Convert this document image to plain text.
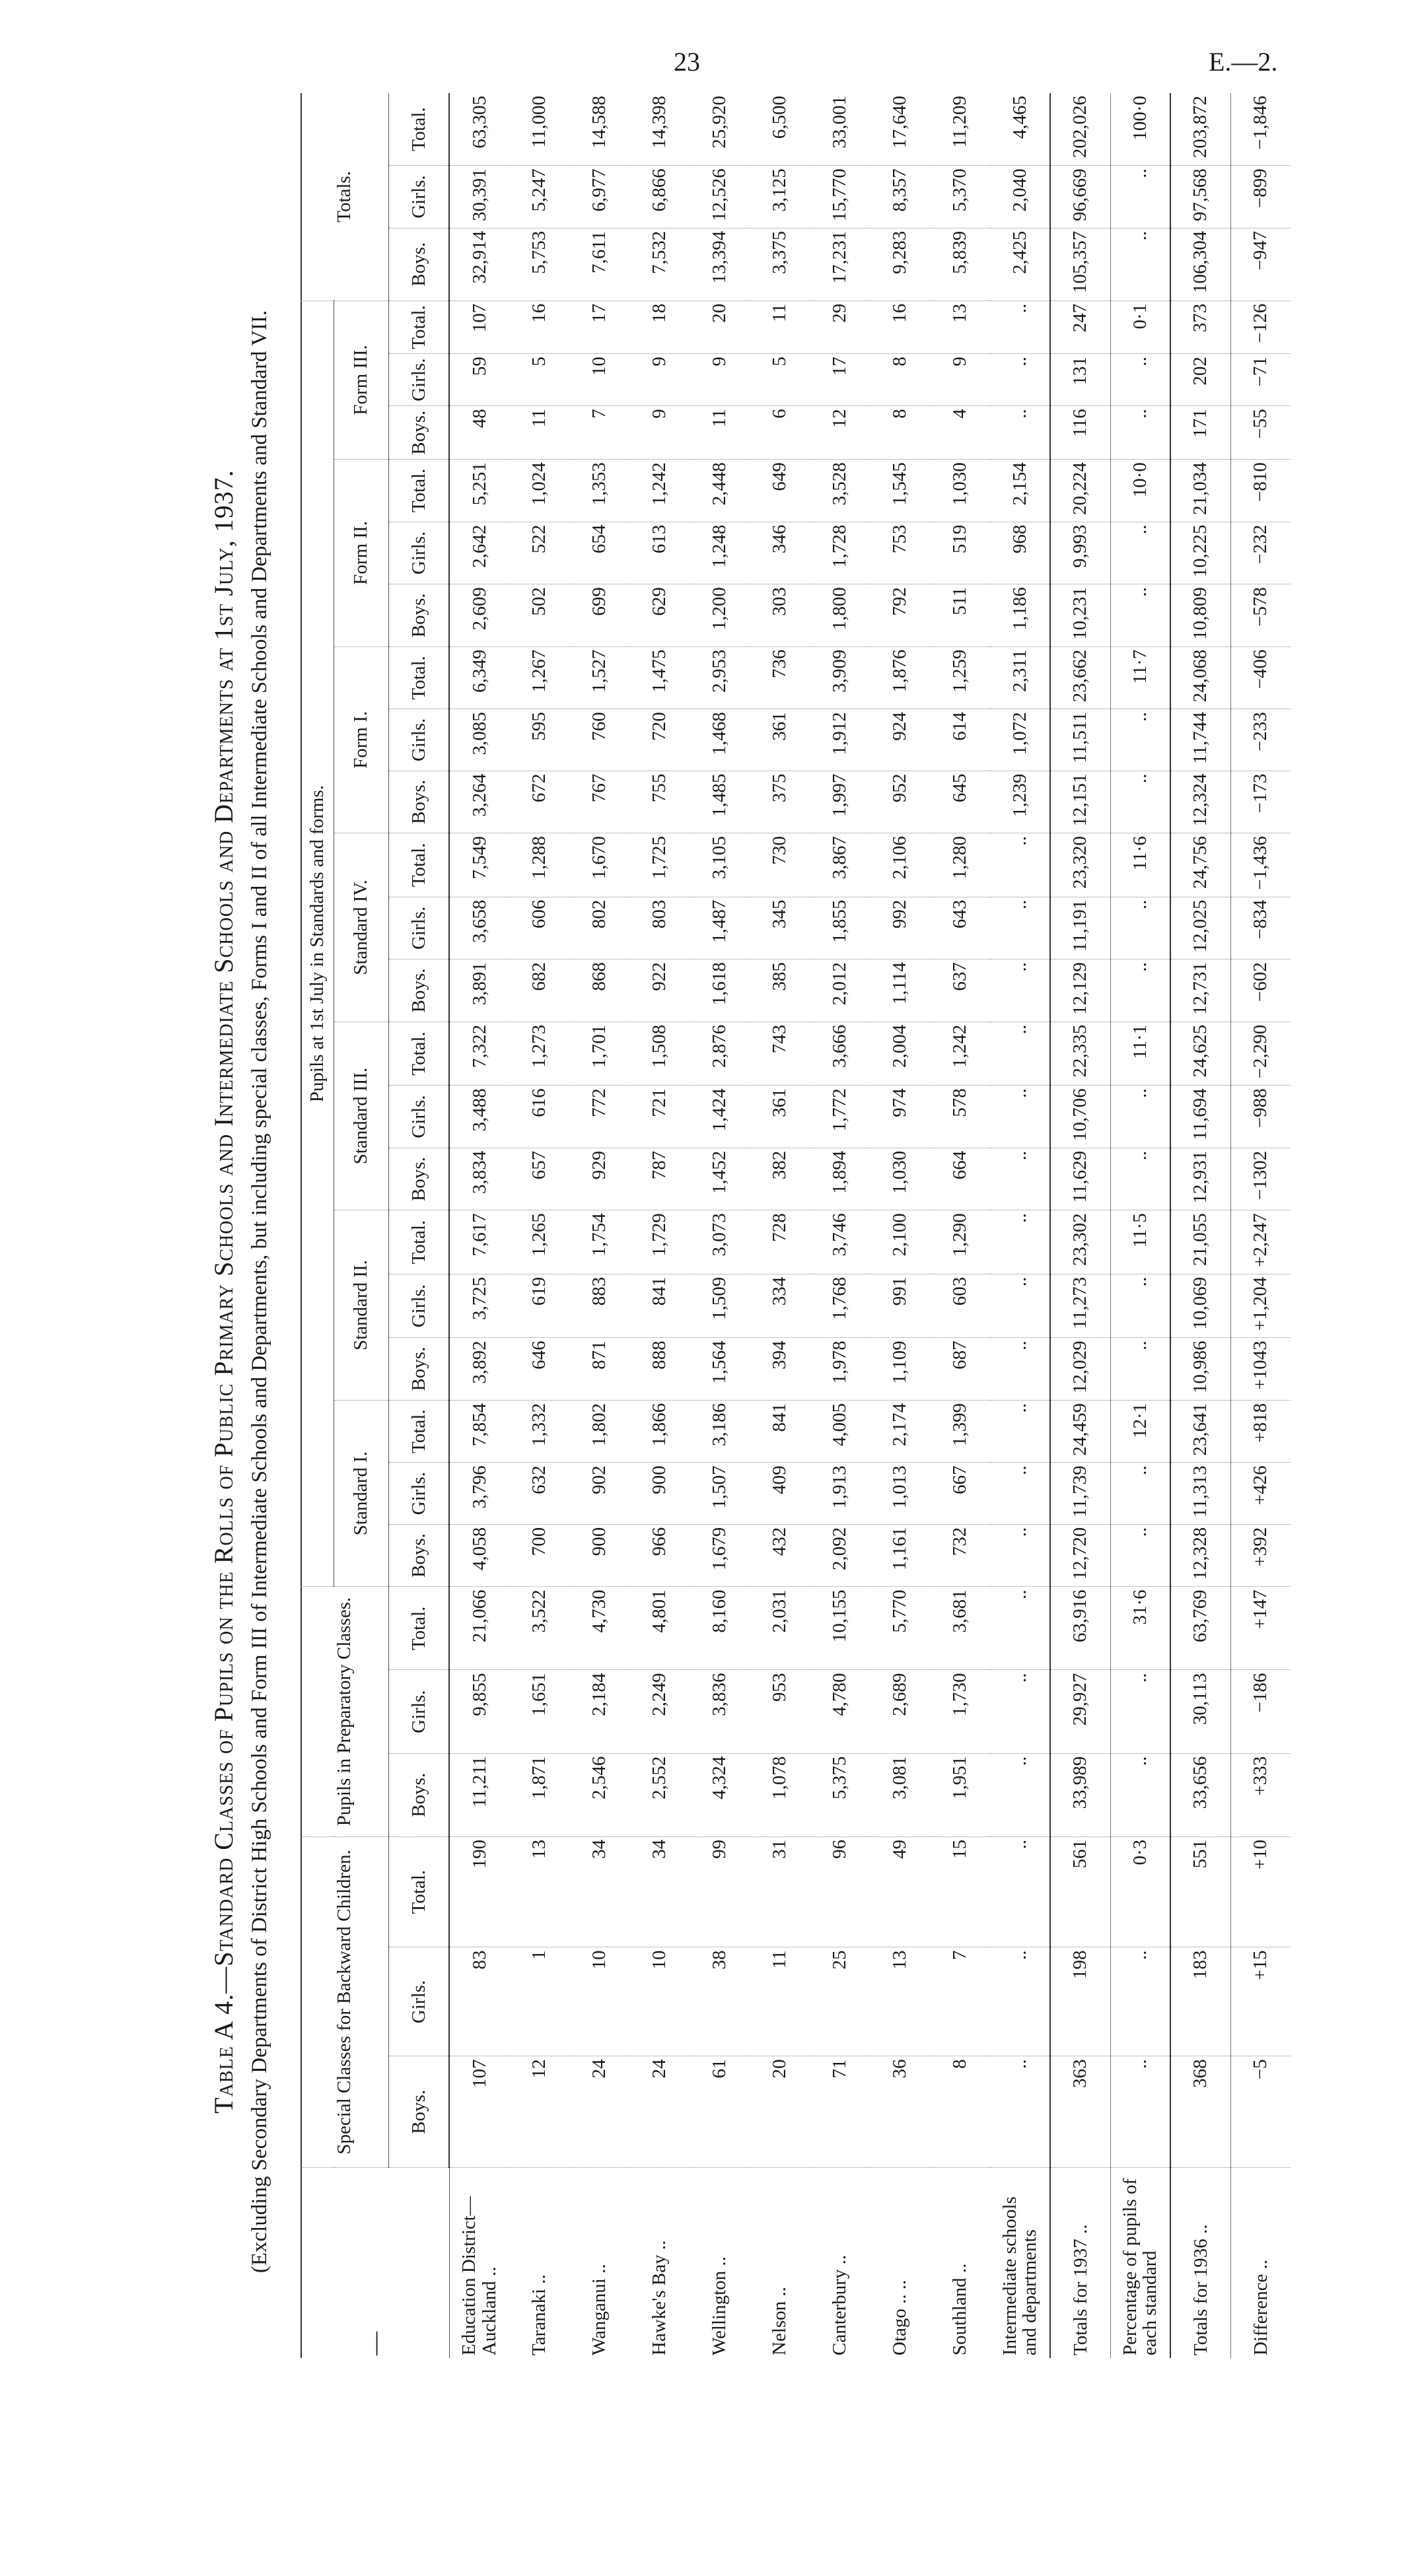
23	E.—2.
Table A 4.—Standard Classes of Pupils on the Rolls of Public Primary Schools and Intermediate Schools and Departments at 1st July, 1937. (Excluding Secondary Departments of District High Schools and Form III of Intermediate Schools and Departments, but including special classes, Forms I and II of all Intermediate Schools and Departments and Standard VII.
—	Special Classes for Backward Children.			Pupils in Preparatory Classes.			Pupils at 1st July in Standards and forms.																					Totals.		
							Standard I.			Standard II.			Standard III.			Standard IV.			Form I.			Form II.			Form III.					
	Boys.	Girls.	Total.	Boys.	Girls.	Total.	Boys.	Girls.	Total.	Boys.	Girls.	Total.	Boys.	Girls.	Total.	Boys.	Girls.	Total.	Boys.	Girls.	Total.	Boys.	Girls.	Total.	Boys.	Girls.	Total.	Boys.	Girls.	Total.
Education District— Auckland ..	107	83	190	11,211	9,855	21,066	4,058	3,796	7,854	3,892	3,725	7,617	3,834	3,488	7,322	3,891	3,658	7,549	3,264	3,085	6,349	2,609	2,642	5,251	48	59	107	32,914	30,391	63,305
Taranaki ..	12	1	13	1,871	1,651	3,522	700	632	1,332	646	619	1,265	657	616	1,273	682	606	1,288	672	595	1,267	502	522	1,024	11	5	16	5,753	5,247	11,000
Wanganui ..	24	10	34	2,546	2,184	4,730	900	902	1,802	871	883	1,754	929	772	1,701	868	802	1,670	767	760	1,527	699	654	1,353	7	10	17	7,611	6,977	14,588
Hawke's Bay ..	24	10	34	2,552	2,249	4,801	966	900	1,866	888	841	1,729	787	721	1,508	922	803	1,725	755	720	1,475	629	613	1,242	9	9	18	7,532	6,866	14,398
Wellington ..	61	38	99	4,324	3,836	8,160	1,679	1,507	3,186	1,564	1,509	3,073	1,452	1,424	2,876	1,618	1,487	3,105	1,485	1,468	2,953	1,200	1,248	2,448	11	9	20	13,394	12,526	25,920
Nelson ..	20	11	31	1,078	953	2,031	432	409	841	394	334	728	382	361	743	385	345	730	375	361	736	303	346	649	6	5	11	3,375	3,125	6,500
Canterbury ..	71	25	96	5,375	4,780	10,155	2,092	1,913	4,005	1,978	1,768	3,746	1,894	1,772	3,666	2,012	1,855	3,867	1,997	1,912	3,909	1,800	1,728	3,528	12	17	29	17,231	15,770	33,001
Otago .. ..	36	13	49	3,081	2,689	5,770	1,161	1,013	2,174	1,109	991	2,100	1,030	974	2,004	1,114	992	2,106	952	924	1,876	792	753	1,545	8	8	16	9,283	8,357	17,640
Southland ..	8	7	15	1,951	1,730	3,681	732	667	1,399	687	603	1,290	664	578	1,242	637	643	1,280	645	614	1,259	511	519	1,030	4	9	13	5,839	5,370	11,209
Intermediate schools and departments	..	..	..	..	..	..	..	..	..	..	..	..	..	..	..	..	..	..	1,239	1,072	2,311	1,186	968	2,154	..	..	..	2,425	2,040	4,465
Totals for 1937 ..	363	198	561	33,989	29,927	63,916	12,720	11,739	24,459	12,029	11,273	23,302	11,629	10,706	22,335	12,129	11,191	23,320	12,151	11,511	23,662	10,231	9,993	20,224	116	131	247	105,357	96,669	202,026
Percentage of pupils of each standard	..	..	0·3	..	..	31·6	..	..	12·1	..	..	11·5	..	..	11·1	..	..	11·6	..	..	11·7	..	..	10·0	..	..	0·1	..	..	100·0
Totals for 1936 ..	368	183	551	33,656	30,113	63,769	12,328	11,313	23,641	10,986	10,069	21,055	12,931	11,694	24,625	12,731	12,025	24,756	12,324	11,744	24,068	10,809	10,225	21,034	171	202	373	106,304	97,568	203,872
Difference ..	−5	+15	+10	+333	−186	+147	+392	+426	+818	+1043	+1,204	+2,247	−1302	−988	−2,290	−602	−834	−1,436	−173	−233	−406	−578	−232	−810	−55	−71	−126	−947	−899	−1,846
